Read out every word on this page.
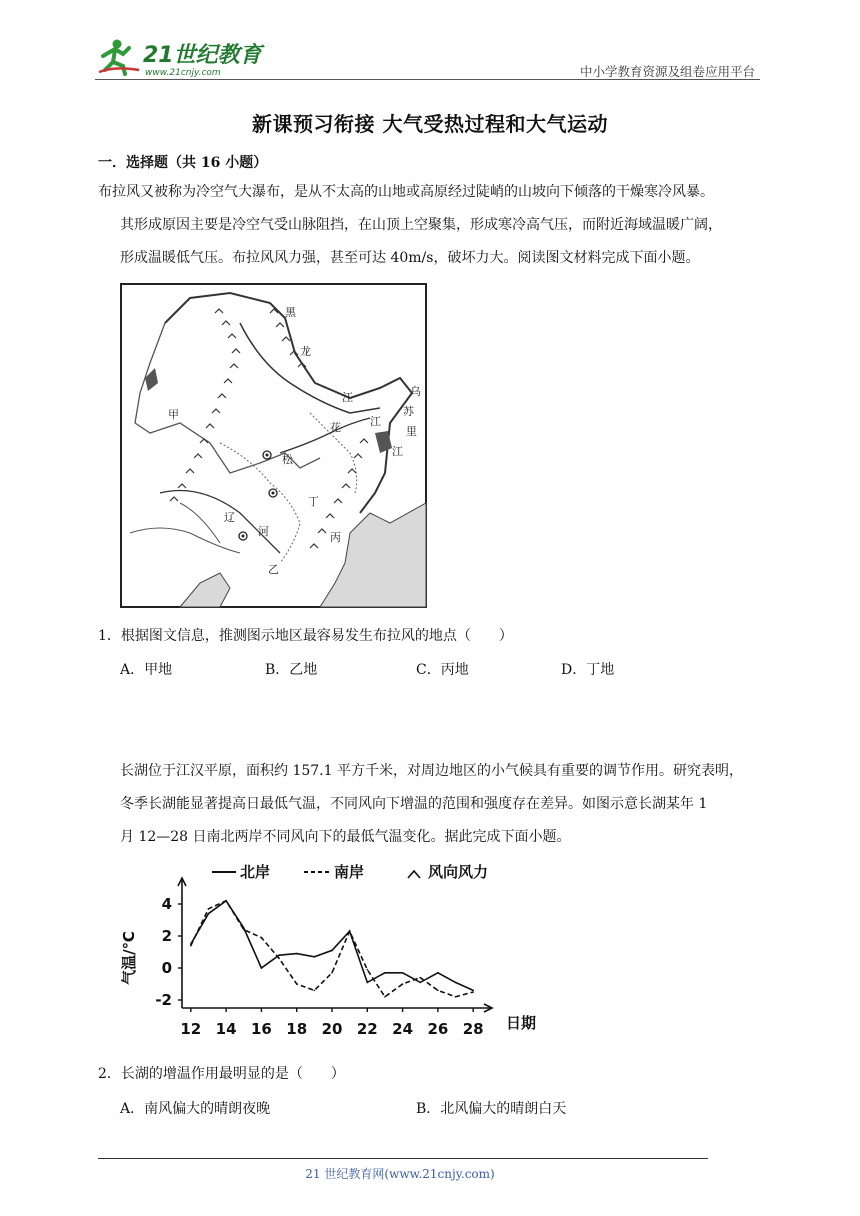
21世纪教育
www.21cnjy.com	中小学教育资源及组卷应用平台
新课预习衔接 大气受热过程和大气运动
一．选择题（共 16 小题）
布拉风又被称为冷空气大瀑布，是从不太高的山地或高原经过陡峭的山坡向下倾落的干燥寒冷风暴。
其形成原因主要是冷空气受山脉阻挡，在山顶上空聚集，形成寒冷高气压，而附近海域温暖广阔，
形成温暖低气压。布拉风风力强，甚至可达 40m/s，破坏力大。阅读图文材料完成下面小题。
黑
龙
江	乌
苏
里
江
甲
松
花	江
丁
丙
辽
河
乙
1．根据图文信息，推测图示地区最容易发生布拉风的地点（　　）
A．甲地	B．乙地	C．丙地	D．丁地
长湖位于江汉平原，面积约 157.1 平方千米，对周边地区的小气候具有重要的调节作用。研究表明，
冬季长湖能显著提高日最低气温，不同风向下增温的范围和强度存在差异。如图示意长湖某年 1
月 12—28 日南北两岸不同风向下的最低气温变化。据此完成下面小题。
北岸	南岸	风向风力
气温/℃
日期
4
2
0
-2
12 14 16 18 20 22 24 26 28
2．长湖的增温作用最明显的是（　　）
A．南风偏大的晴朗夜晚	B．北风偏大的晴朗白天
21 世纪教育网(www.21cnjy.com)
